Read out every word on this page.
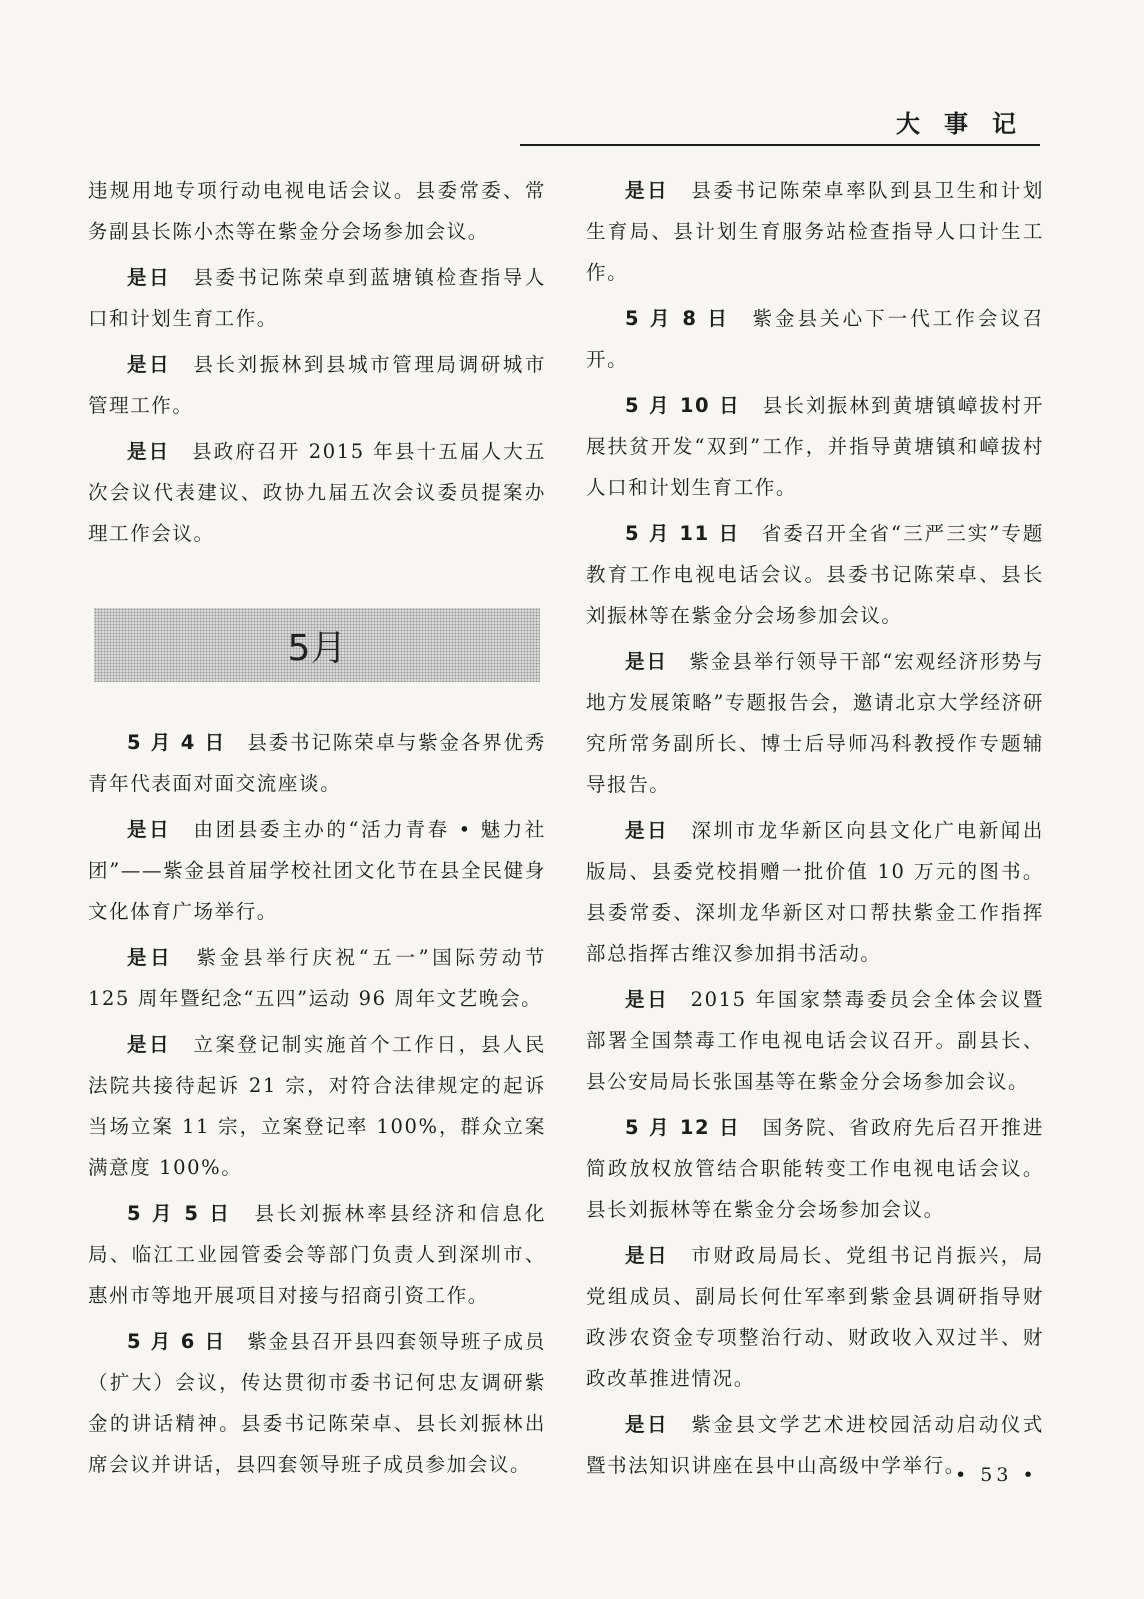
大事记

违规用地专项行动电视电话会议。县委常委、常务副县长陈小杰等在紫金分会场参加会议。

是日  县委书记陈荣卓到蓝塘镇检查指导人口和计划生育工作。

是日  县长刘振林到县城市管理局调研城市管理工作。

是日  县政府召开 2015 年县十五届人大五次会议代表建议、政协九届五次会议委员提案办理工作会议。

5月

5 月 4 日  县委书记陈荣卓与紫金各界优秀青年代表面对面交流座谈。

是日  由团县委主办的“活力青春 • 魅力社团”——紫金县首届学校社团文化节在县全民健身文化体育广场举行。

是日  紫金县举行庆祝“五一”国际劳动节 125 周年暨纪念“五四”运动 96 周年文艺晚会。

是日  立案登记制实施首个工作日，县人民法院共接待起诉 21 宗，对符合法律规定的起诉当场立案 11 宗，立案登记率 100%，群众立案满意度 100%。

5 月 5 日  县长刘振林率县经济和信息化局、临江工业园管委会等部门负责人到深圳市、惠州市等地开展项目对接与招商引资工作。

5 月 6 日  紫金县召开县四套领导班子成员（扩大）会议，传达贯彻市委书记何忠友调研紫金的讲话精神。县委书记陈荣卓、县长刘振林出席会议并讲话，县四套领导班子成员参加会议。

是日  县委书记陈荣卓率队到县卫生和计划生育局、县计划生育服务站检查指导人口计生工作。

5 月 8 日  紫金县关心下一代工作会议召开。

5 月 10 日  县长刘振林到黄塘镇嶂拔村开展扶贫开发“双到”工作，并指导黄塘镇和嶂拔村人口和计划生育工作。

5 月 11 日  省委召开全省“三严三实”专题教育工作电视电话会议。县委书记陈荣卓、县长刘振林等在紫金分会场参加会议。

是日  紫金县举行领导干部“宏观经济形势与地方发展策略”专题报告会，邀请北京大学经济研究所常务副所长、博士后导师冯科教授作专题辅导报告。

是日  深圳市龙华新区向县文化广电新闻出版局、县委党校捐赠一批价值 10 万元的图书。县委常委、深圳龙华新区对口帮扶紫金工作指挥部总指挥古维汉参加捐书活动。

是日  2015 年国家禁毒委员会全体会议暨部署全国禁毒工作电视电话会议召开。副县长、县公安局局长张国基等在紫金分会场参加会议。

5 月 12 日  国务院、省政府先后召开推进简政放权放管结合职能转变工作电视电话会议。县长刘振林等在紫金分会场参加会议。

是日  市财政局局长、党组书记肖振兴，局党组成员、副局长何仕军率到紫金县调研指导财政涉农资金专项整治行动、财政收入双过半、财政改革推进情况。

是日  紫金县文学艺术进校园活动启动仪式暨书法知识讲座在县中山高级中学举行。

• 53 •
